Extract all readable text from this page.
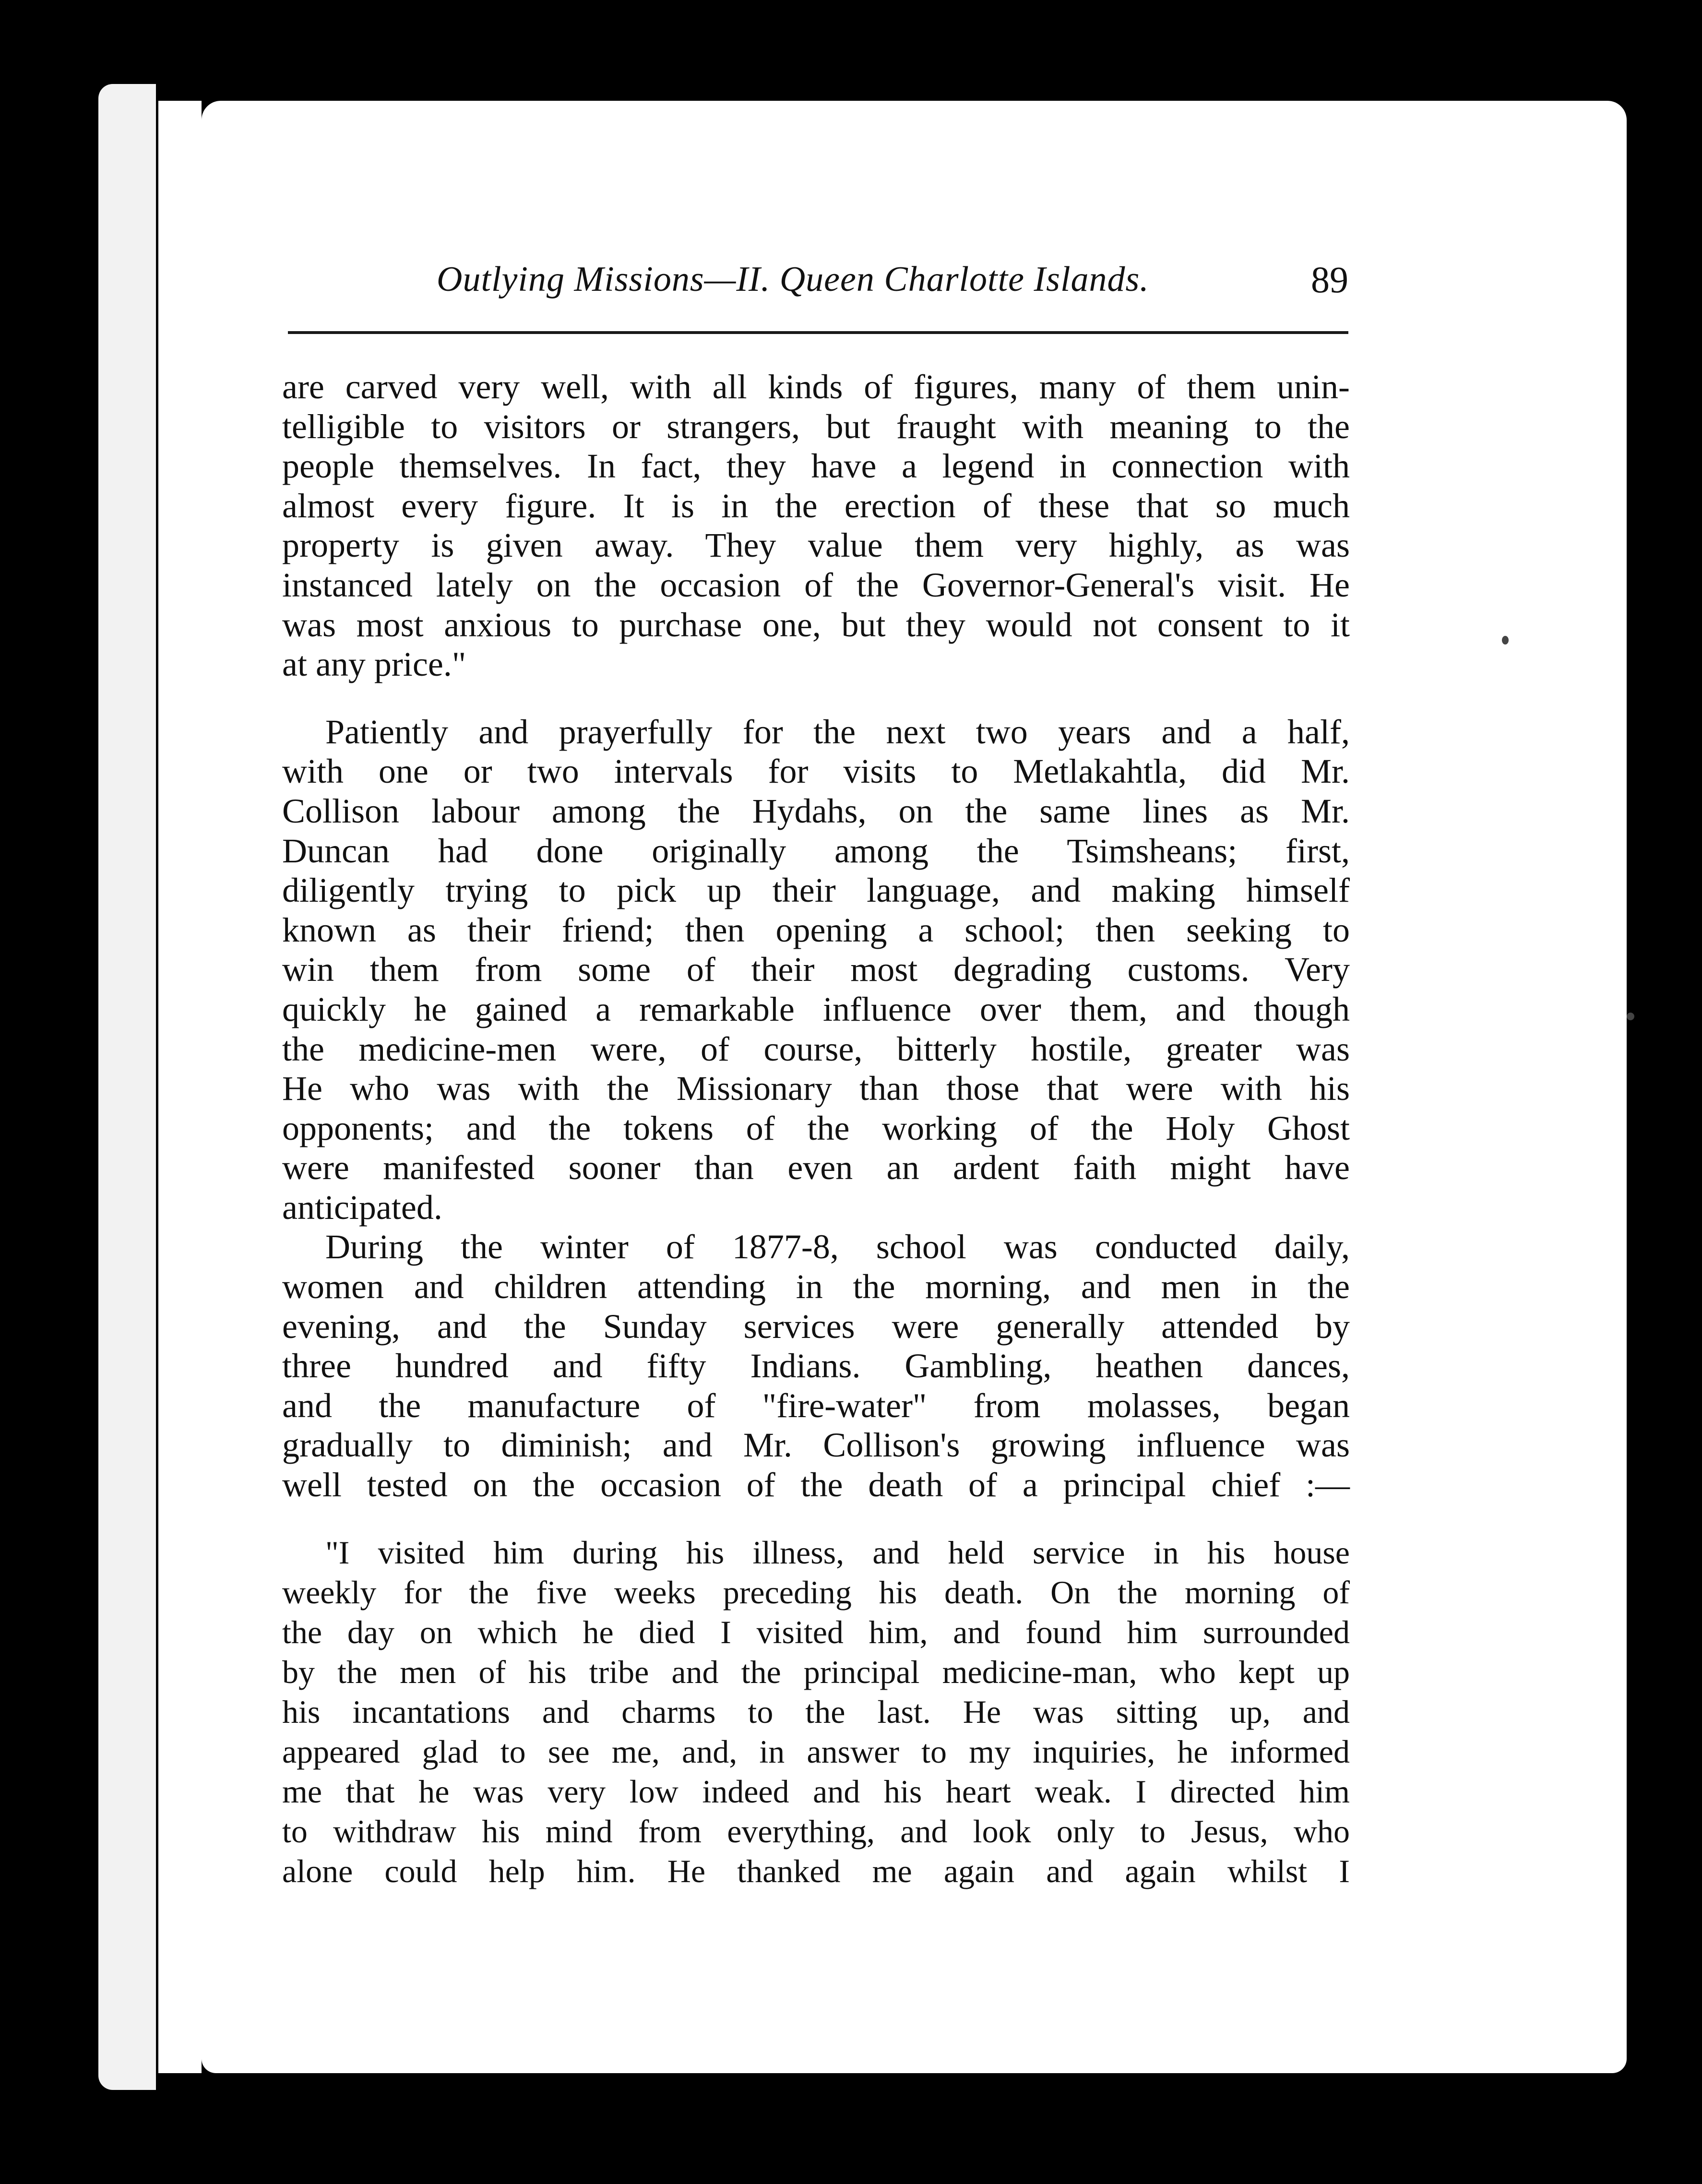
Outlying Missions—II. Queen Charlotte Islands.	89
are carved very well, with all kinds of figures, many of them unin-
telligible to visitors or strangers, but fraught with meaning to the
people themselves. In fact, they have a legend in connection with
almost every figure. It is in the erection of these that so much
property is given away. They value them very highly, as was
instanced lately on the occasion of the Governor-General's visit. He
was most anxious to purchase one, but they would not consent to it
at any price."
Patiently and prayerfully for the next two years and a half,
with one or two intervals for visits to Metlakahtla, did Mr.
Collison labour among the Hydahs, on the same lines as Mr.
Duncan had done originally among the Tsimsheans; first,
diligently trying to pick up their language, and making himself
known as their friend; then opening a school; then seeking to
win them from some of their most degrading customs. Very
quickly he gained a remarkable influence over them, and though
the medicine-men were, of course, bitterly hostile, greater was
He who was with the Missionary than those that were with his
opponents; and the tokens of the working of the Holy Ghost
were manifested sooner than even an ardent faith might have
anticipated.
During the winter of 1877-8, school was conducted daily,
women and children attending in the morning, and men in the
evening, and the Sunday services were generally attended by
three hundred and fifty Indians. Gambling, heathen dances,
and the manufacture of "fire-water" from molasses, began
gradually to diminish; and Mr. Collison's growing influence was
well tested on the occasion of the death of a principal chief :—
"I visited him during his illness, and held service in his house
weekly for the five weeks preceding his death. On the morning of
the day on which he died I visited him, and found him surrounded
by the men of his tribe and the principal medicine-man, who kept up
his incantations and charms to the last. He was sitting up, and
appeared glad to see me, and, in answer to my inquiries, he informed
me that he was very low indeed and his heart weak. I directed him
to withdraw his mind from everything, and look only to Jesus, who
alone could help him. He thanked me again and again whilst I
